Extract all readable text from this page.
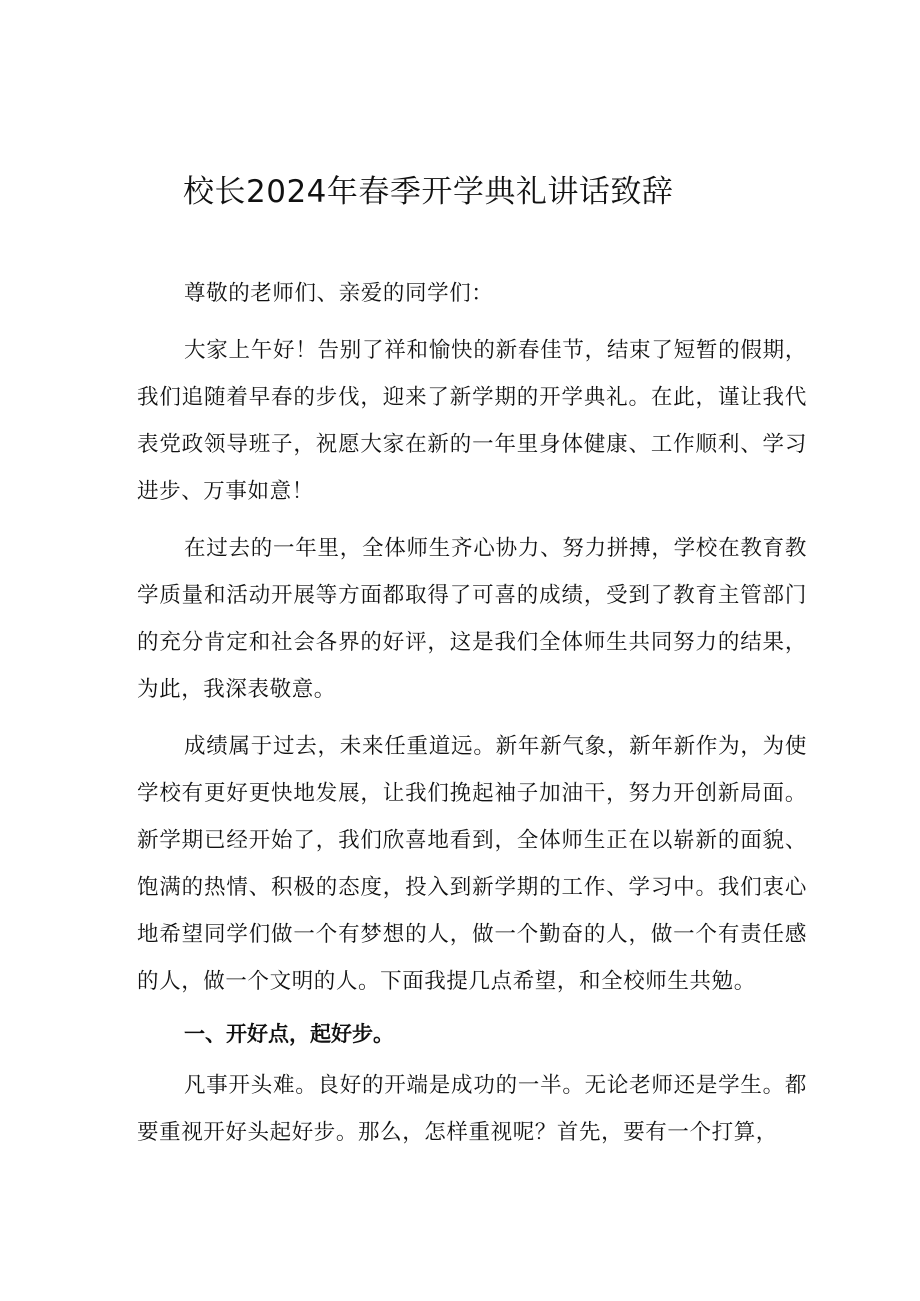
校长2024年春季开学典礼讲话致辞

尊敬的老师们、亲爱的同学们：

大家上午好！告别了祥和愉快的新春佳节，结束了短暂的假期，我们追随着早春的步伐，迎来了新学期的开学典礼。在此，谨让我代表党政领导班子，祝愿大家在新的一年里身体健康、工作顺利、学习进步、万事如意！

在过去的一年里，全体师生齐心协力、努力拼搏，学校在教育教学质量和活动开展等方面都取得了可喜的成绩，受到了教育主管部门的充分肯定和社会各界的好评，这是我们全体师生共同努力的结果，为此，我深表敬意。

成绩属于过去，未来任重道远。新年新气象，新年新作为，为使学校有更好更快地发展，让我们挽起袖子加油干，努力开创新局面。新学期已经开始了，我们欣喜地看到，全体师生正在以崭新的面貌、饱满的热情、积极的态度，投入到新学期的工作、学习中。我们衷心地希望同学们做一个有梦想的人，做一个勤奋的人，做一个有责任感的人，做一个文明的人。下面我提几点希望，和全校师生共勉。

一、开好点，起好步。

凡事开头难。良好的开端是成功的一半。无论老师还是学生。都要重视开好头起好步。那么，怎样重视呢？首先，要有一个打算，
